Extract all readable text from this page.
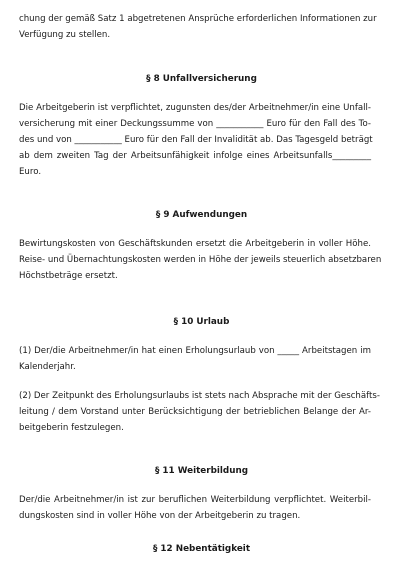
chung der gemäß Satz 1 abgetretenen Ansprüche erforderlichen Informationen zur
Verfügung zu stellen.
§ 8 Unfallversicherung
Die Arbeitgeberin ist verpflichtet, zugunsten des/der Arbeitnehmer/in eine Unfall-
versicherung mit einer Deckungssumme von ___________ Euro für den Fall des To-
des und von ___________ Euro für den Fall der Invalidität ab. Das Tagesgeld beträgt
ab dem zweiten Tag der Arbeitsunfähigkeit infolge eines Arbeitsunfalls_________
Euro.
§ 9 Aufwendungen
Bewirtungskosten von Geschäftskunden ersetzt die Arbeitgeberin in voller Höhe.
Reise- und Übernachtungskosten werden in Höhe der jeweils steuerlich absetzbaren
Höchstbeträge ersetzt.
§ 10 Urlaub
(1) Der/die Arbeitnehmer/in hat einen Erholungsurlaub von _____ Arbeitstagen im
Kalenderjahr.
(2) Der Zeitpunkt des Erholungsurlaubs ist stets nach Absprache mit der Geschäfts-
leitung / dem Vorstand unter Berücksichtigung der betrieblichen Belange der Ar-
beitgeberin festzulegen.
§ 11 Weiterbildung
Der/die Arbeitnehmer/in ist zur beruflichen Weiterbildung verpflichtet. Weiterbil-
dungskosten sind in voller Höhe von der Arbeitgeberin zu tragen.
§ 12 Nebentätigkeit
